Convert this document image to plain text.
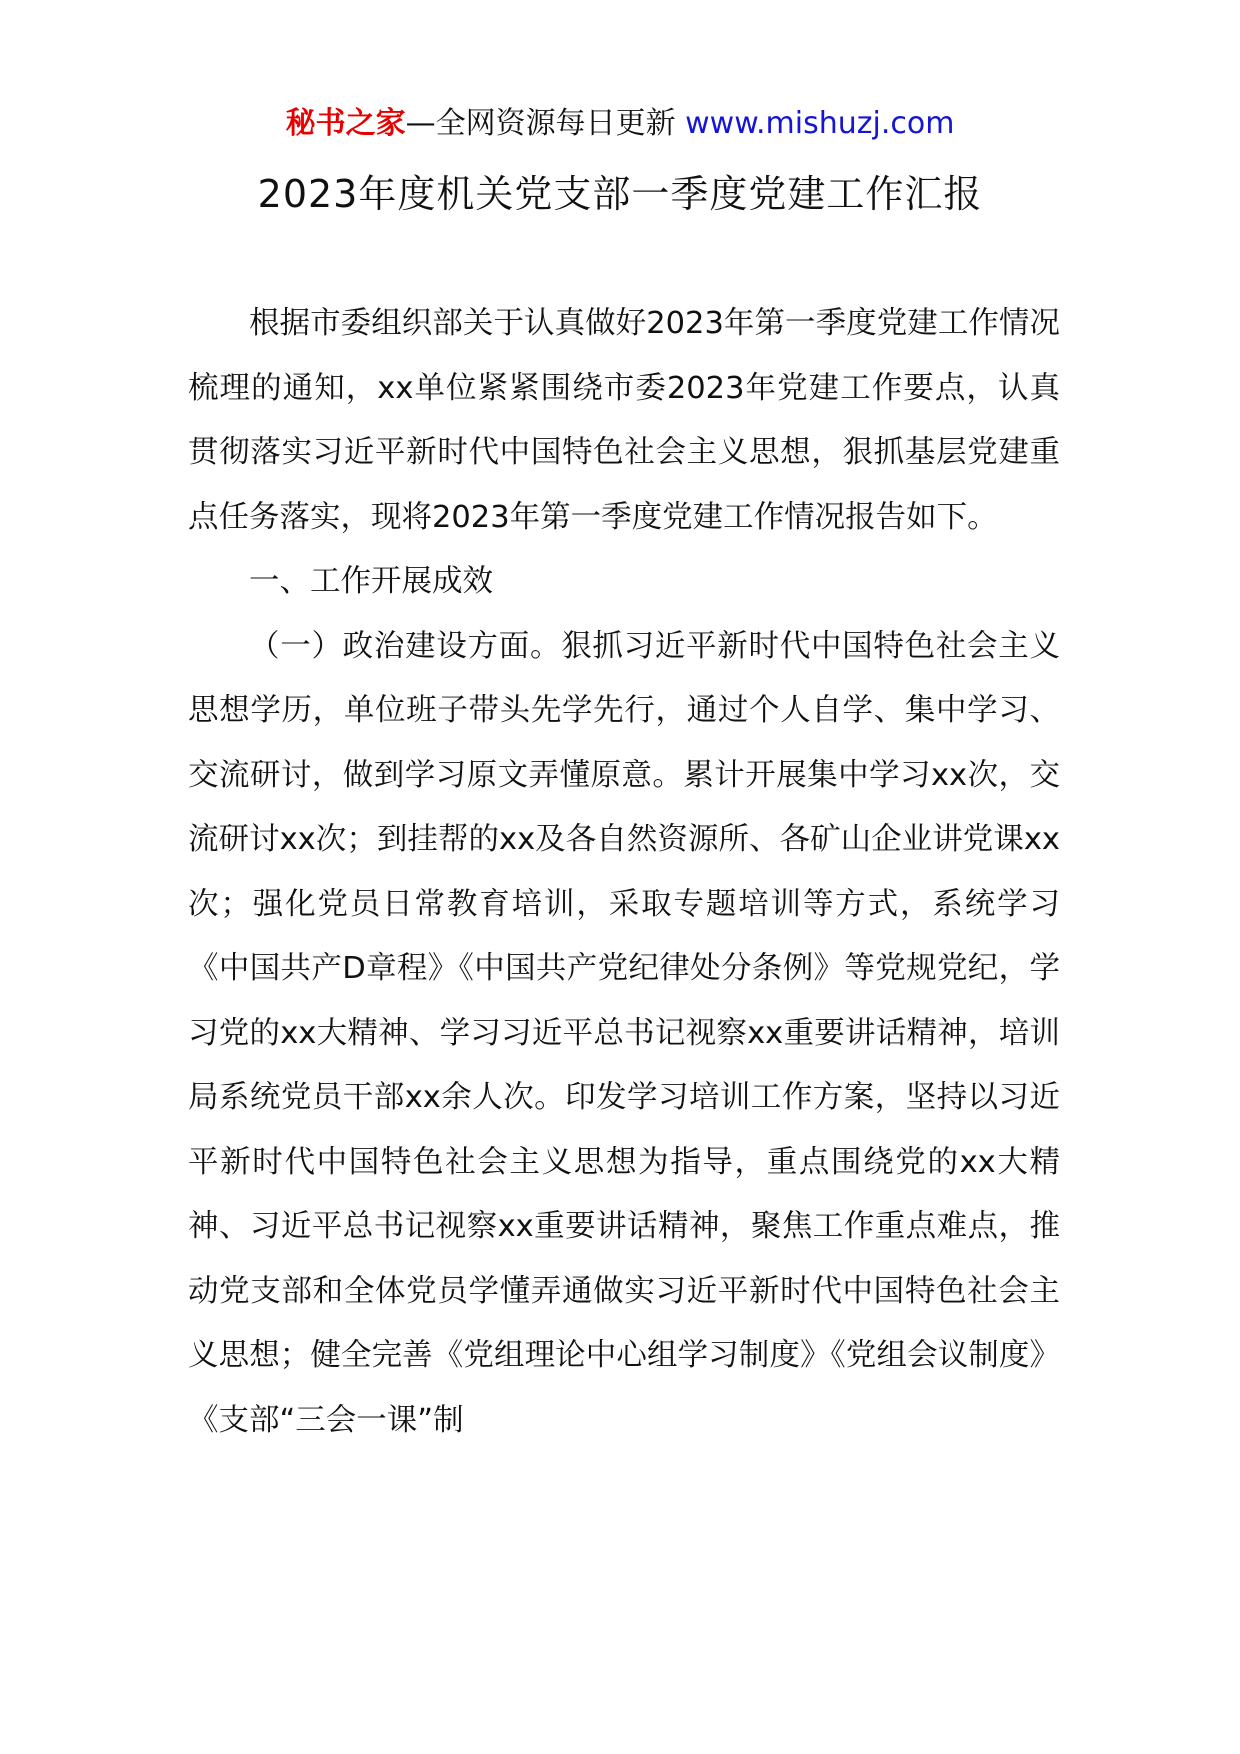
秘书之家—全网资源每日更新 www.mishuzj.com
2023年度机关党支部一季度党建工作汇报

根据市委组织部关于认真做好2023年第一季度党建工作情况梳理的通知，xx单位紧紧围绕市委2023年党建工作要点，认真贯彻落实习近平新时代中国特色社会主义思想，狠抓基层党建重点任务落实，现将2023年第一季度党建工作情况报告如下。

一、工作开展成效

（一）政治建设方面。狠抓习近平新时代中国特色社会主义思想学历，单位班子带头先学先行，通过个人自学、集中学习、交流研讨，做到学习原文弄懂原意。累计开展集中学习xx次，交流研讨xx次；到挂帮的xx及各自然资源所、各矿山企业讲党课xx次；强化党员日常教育培训，采取专题培训等方式，系统学习《中国共产D章程》《中国共产党纪律处分条例》等党规党纪，学习党的xx大精神、学习习近平总书记视察xx重要讲话精神，培训局系统党员干部xx余人次。印发学习培训工作方案，坚持以习近平新时代中国特色社会主义思想为指导，重点围绕党的xx大精神、习近平总书记视察xx重要讲话精神，聚焦工作重点难点，推动党支部和全体党员学懂弄通做实习近平新时代中国特色社会主义思想；健全完善《党组理论中心组学习制度》《党组会议制度》《支部“三会一课”制
